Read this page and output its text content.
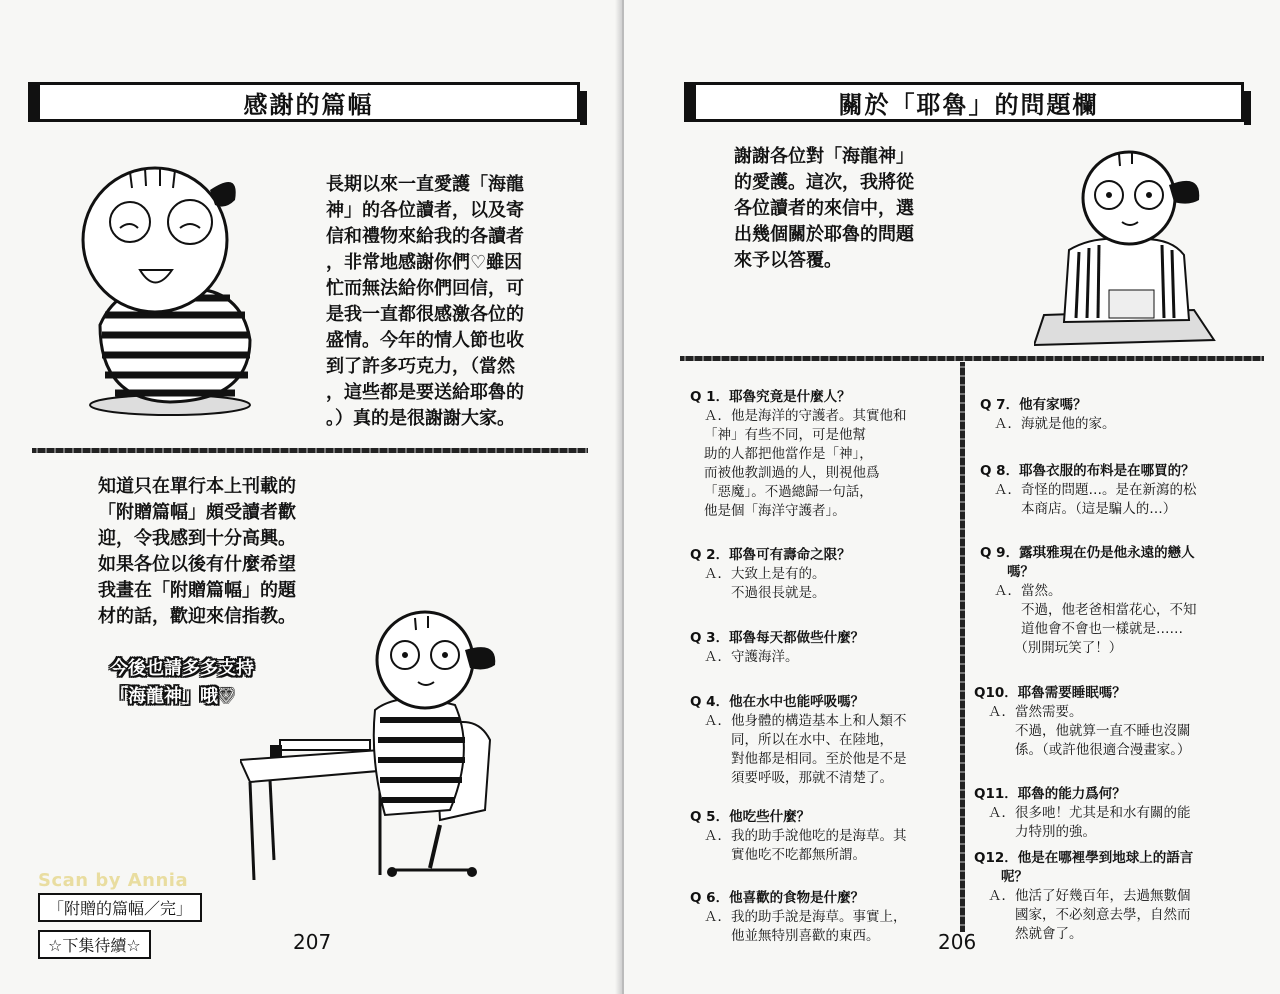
感謝的篇幅
長期以來一直愛護「海龍
神」的各位讀者，以及寄
信和禮物來給我的各讀者
，非常地感謝你們♡雖因
忙而無法給你們回信，可
是我一直都很感激各位的
盛情。今年的情人節也收
到了許多巧克力，（當然
，這些都是要送給耶魯的
。）真的是很謝謝大家。
知道只在單行本上刊載的
「附贈篇幅」頗受讀者歡
迎，令我感到十分高興。
如果各位以後有什麼希望
我畫在「附贈篇幅」的題
材的話，歡迎來信指教。
今後也請多多支持
「海龍神」哦♡
Scan by Annia
「附贈的篇幅／完」
☆下集待續☆	207
關於「耶魯」的問題欄
謝謝各位對「海龍神」
的愛護。這次，我將從
各位讀者的來信中，選
出幾個關於耶魯的問題
來予以答覆。
Q 1．耶魯究竟是什麼人？
Ａ．他是海洋的守護者。其實他和
「神」有些不同，可是他幫
助的人都把他當作是「神」，
而被他教訓過的人，則視他爲
「惡魔」。不過總歸一句話，
他是個「海洋守護者」。
Q 2．耶魯可有壽命之限？
Ａ．大致上是有的。
　　不過很長就是。
Q 3．耶魯每天都做些什麼？
Ａ．守護海洋。
Q 4．他在水中也能呼吸嗎？
Ａ．他身體的構造基本上和人類不
　　同，所以在水中、在陸地，
　　對他都是相同。至於他是不是
　　須要呼吸，那就不清楚了。
Q 5．他吃些什麼？
Ａ．我的助手說他吃的是海草。其
　　實他吃不吃都無所謂。
Q 6．他喜歡的食物是什麼？
Ａ．我的助手說是海草。事實上，
　　他並無特別喜歡的東西。
Q 7．他有家嗎？
Ａ．海就是他的家。
Q 8．耶魯衣服的布料是在哪買的？
Ａ．奇怪的問題…。是在新瀉的松
　　本商店。（這是騙人的…）
Q 9．露琪雅現在仍是他永遠的戀人
　　嗎？
Ａ．當然。
　　不過，他老爸相當花心，不知
　　道他會不會也一樣就是……
　　（別開玩笑了！）
Q10．耶魯需要睡眠嗎？
Ａ．當然需要。
　　不過，他就算一直不睡也沒關
　　係。（或許他很適合漫畫家。）
Q11．耶魯的能力爲何？
Ａ．很多吔！尤其是和水有關的能
　　力特別的強。
Q12．他是在哪裡學到地球上的語言
　　呢？
Ａ．他活了好幾百年，去過無數個
　　國家，不必刻意去學，自然而
　　然就會了。
206
